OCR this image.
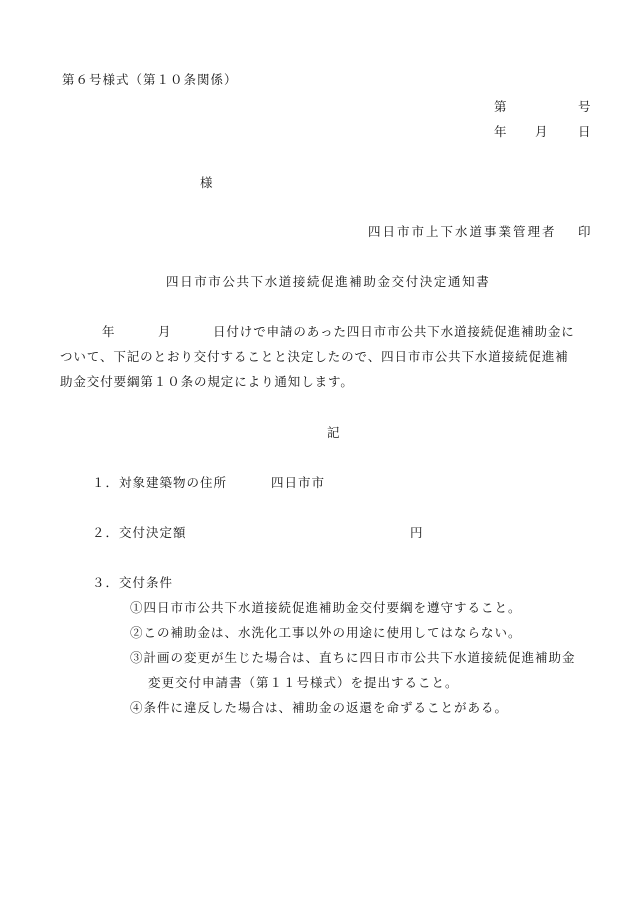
第６号様式（第１０条関係）
第	号
年 月 日
様
四日市市上下水道事業管理者 印
四日市市公共下水道接続促進補助金交付決定通知書
年	月	日付けで申請のあった四日市市公共下水道接続促進補助金に
ついて、下記のとおり交付することと決定したので、四日市市公共下水道接続促進補
助金交付要綱第１０条の規定により通知します。
記
１．対象建築物の住所	四日市市
２．交付決定額	円
３．交付条件
①四日市市公共下水道接続促進補助金交付要綱を遵守すること。
②この補助金は、水洗化工事以外の用途に使用してはならない。
③計画の変更が生じた場合は、直ちに四日市市公共下水道接続促進補助金
変更交付申請書（第１１号様式）を提出すること。
④条件に違反した場合は、補助金の返還を命ずることがある。
